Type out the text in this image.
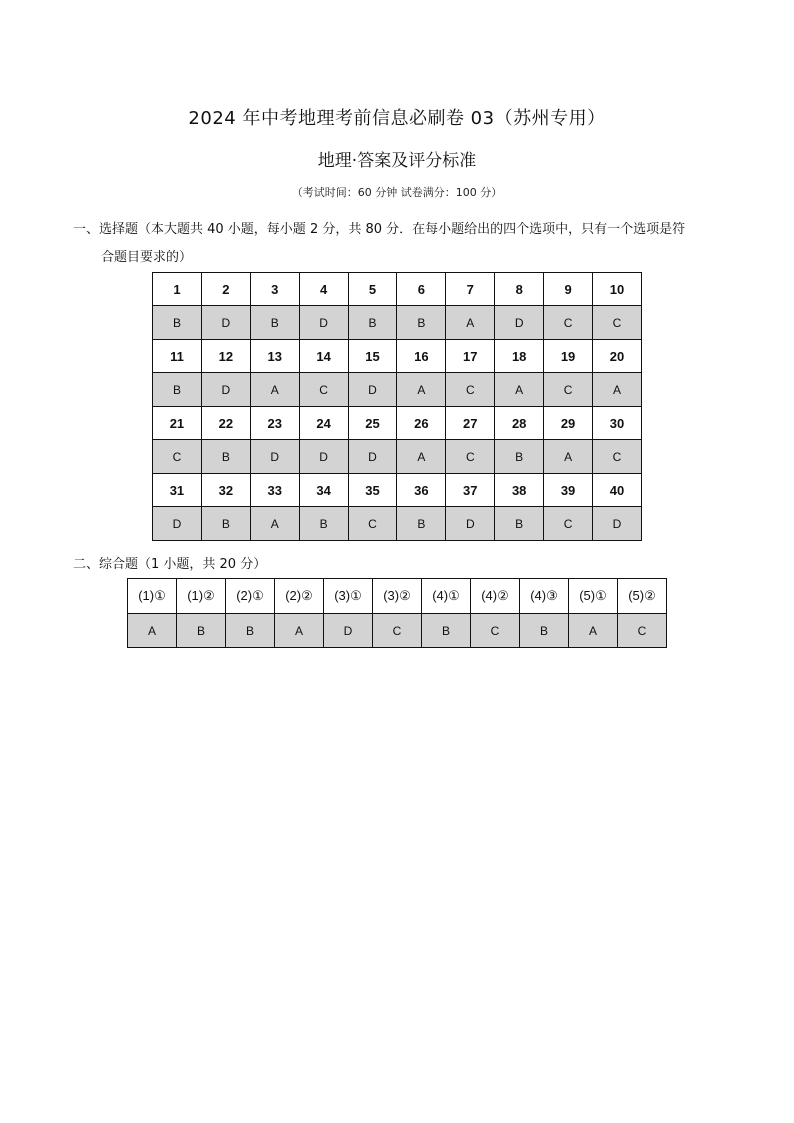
2024 年中考地理考前信息必刷卷 03（苏州专用）
地理·答案及评分标准
（考试时间：60 分钟 试卷满分：100 分）
一、选择题（本大题共 40 小题，每小题 2 分，共 80 分．在每小题给出的四个选项中，只有一个选项是符
合题目要求的）
1	2	3	4	5	6	7	8	9	10
B	D	B	D	B	B	A	D	C	C
11	12	13	14	15	16	17	18	19	20
B	D	A	C	D	A	C	A	C	A
21	22	23	24	25	26	27	28	29	30
C	B	D	D	D	A	C	B	A	C
31	32	33	34	35	36	37	38	39	40
D	B	A	B	C	B	D	B	C	D
二、综合题（1 小题，共 20 分）
(1)①	(1)②	(2)①	(2)②	(3)①	(3)②	(4)①	(4)②	(4)③	(5)①	(5)②
A	B	B	A	D	C	B	C	B	A	C
